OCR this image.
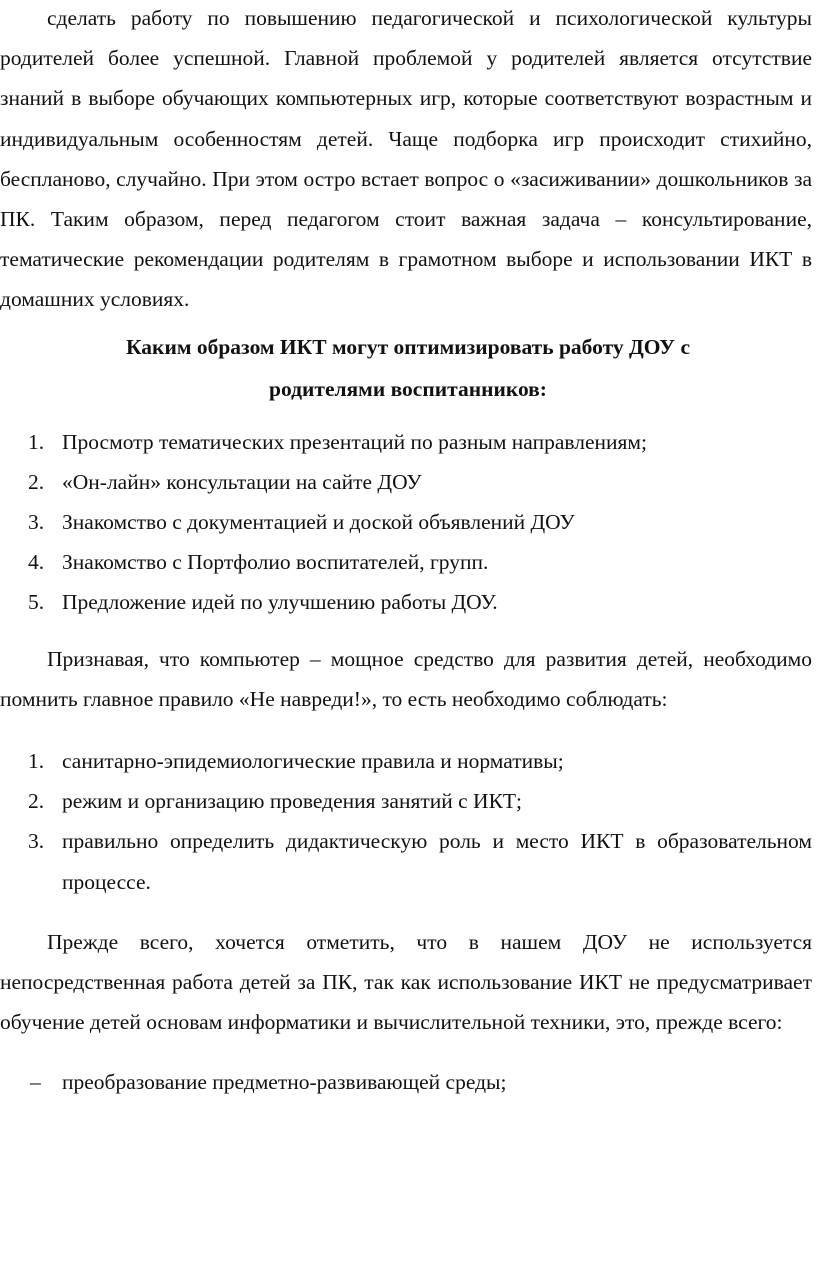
сделать работу по повышению педагогической и психологической культуры родителей более успешной. Главной проблемой у родителей является отсутствие знаний в выборе обучающих компьютерных игр, которые соответствуют возрастным и индивидуальным особенностям детей. Чаще подборка игр происходит стихийно, бесплановo, случайно. При этом остро встает вопрос о «засиживании» дошкольников за ПК. Таким образом, перед педагогом стоит важная задача – консультирование, тематические рекомендации родителям в грамотном выборе и использовании ИКТ в домашних условиях.

Каким образом ИКТ могут оптимизировать работу ДОУ с

родителями воспитанников:

1. Просмотр тематических презентаций по разным направлениям;
2. «Он-лайн» консультации на сайте ДОУ
3. Знакомство с документацией и доской объявлений ДОУ
4. Знакомство с Портфолио воспитателей, групп.
5. Предложение идей по улучшению работы ДОУ.

Признавая, что компьютер – мощное средство для развития детей, необходимо помнить главное правило «Не навреди!», то есть необходимо соблюдать:

1. санитарно-эпидемиологические правила и нормативы;
2. режим и организацию проведения занятий с ИКТ;
3. правильно определить дидактическую роль и место ИКТ в образовательном процессе.

Прежде всего, хочется отметить, что в нашем ДОУ не используется непосредственная работа детей за ПК, так как использование ИКТ не предусматривает обучение детей основам информатики и вычислительной техники, это, прежде всего:

– преобразование предметно-развивающей среды;
